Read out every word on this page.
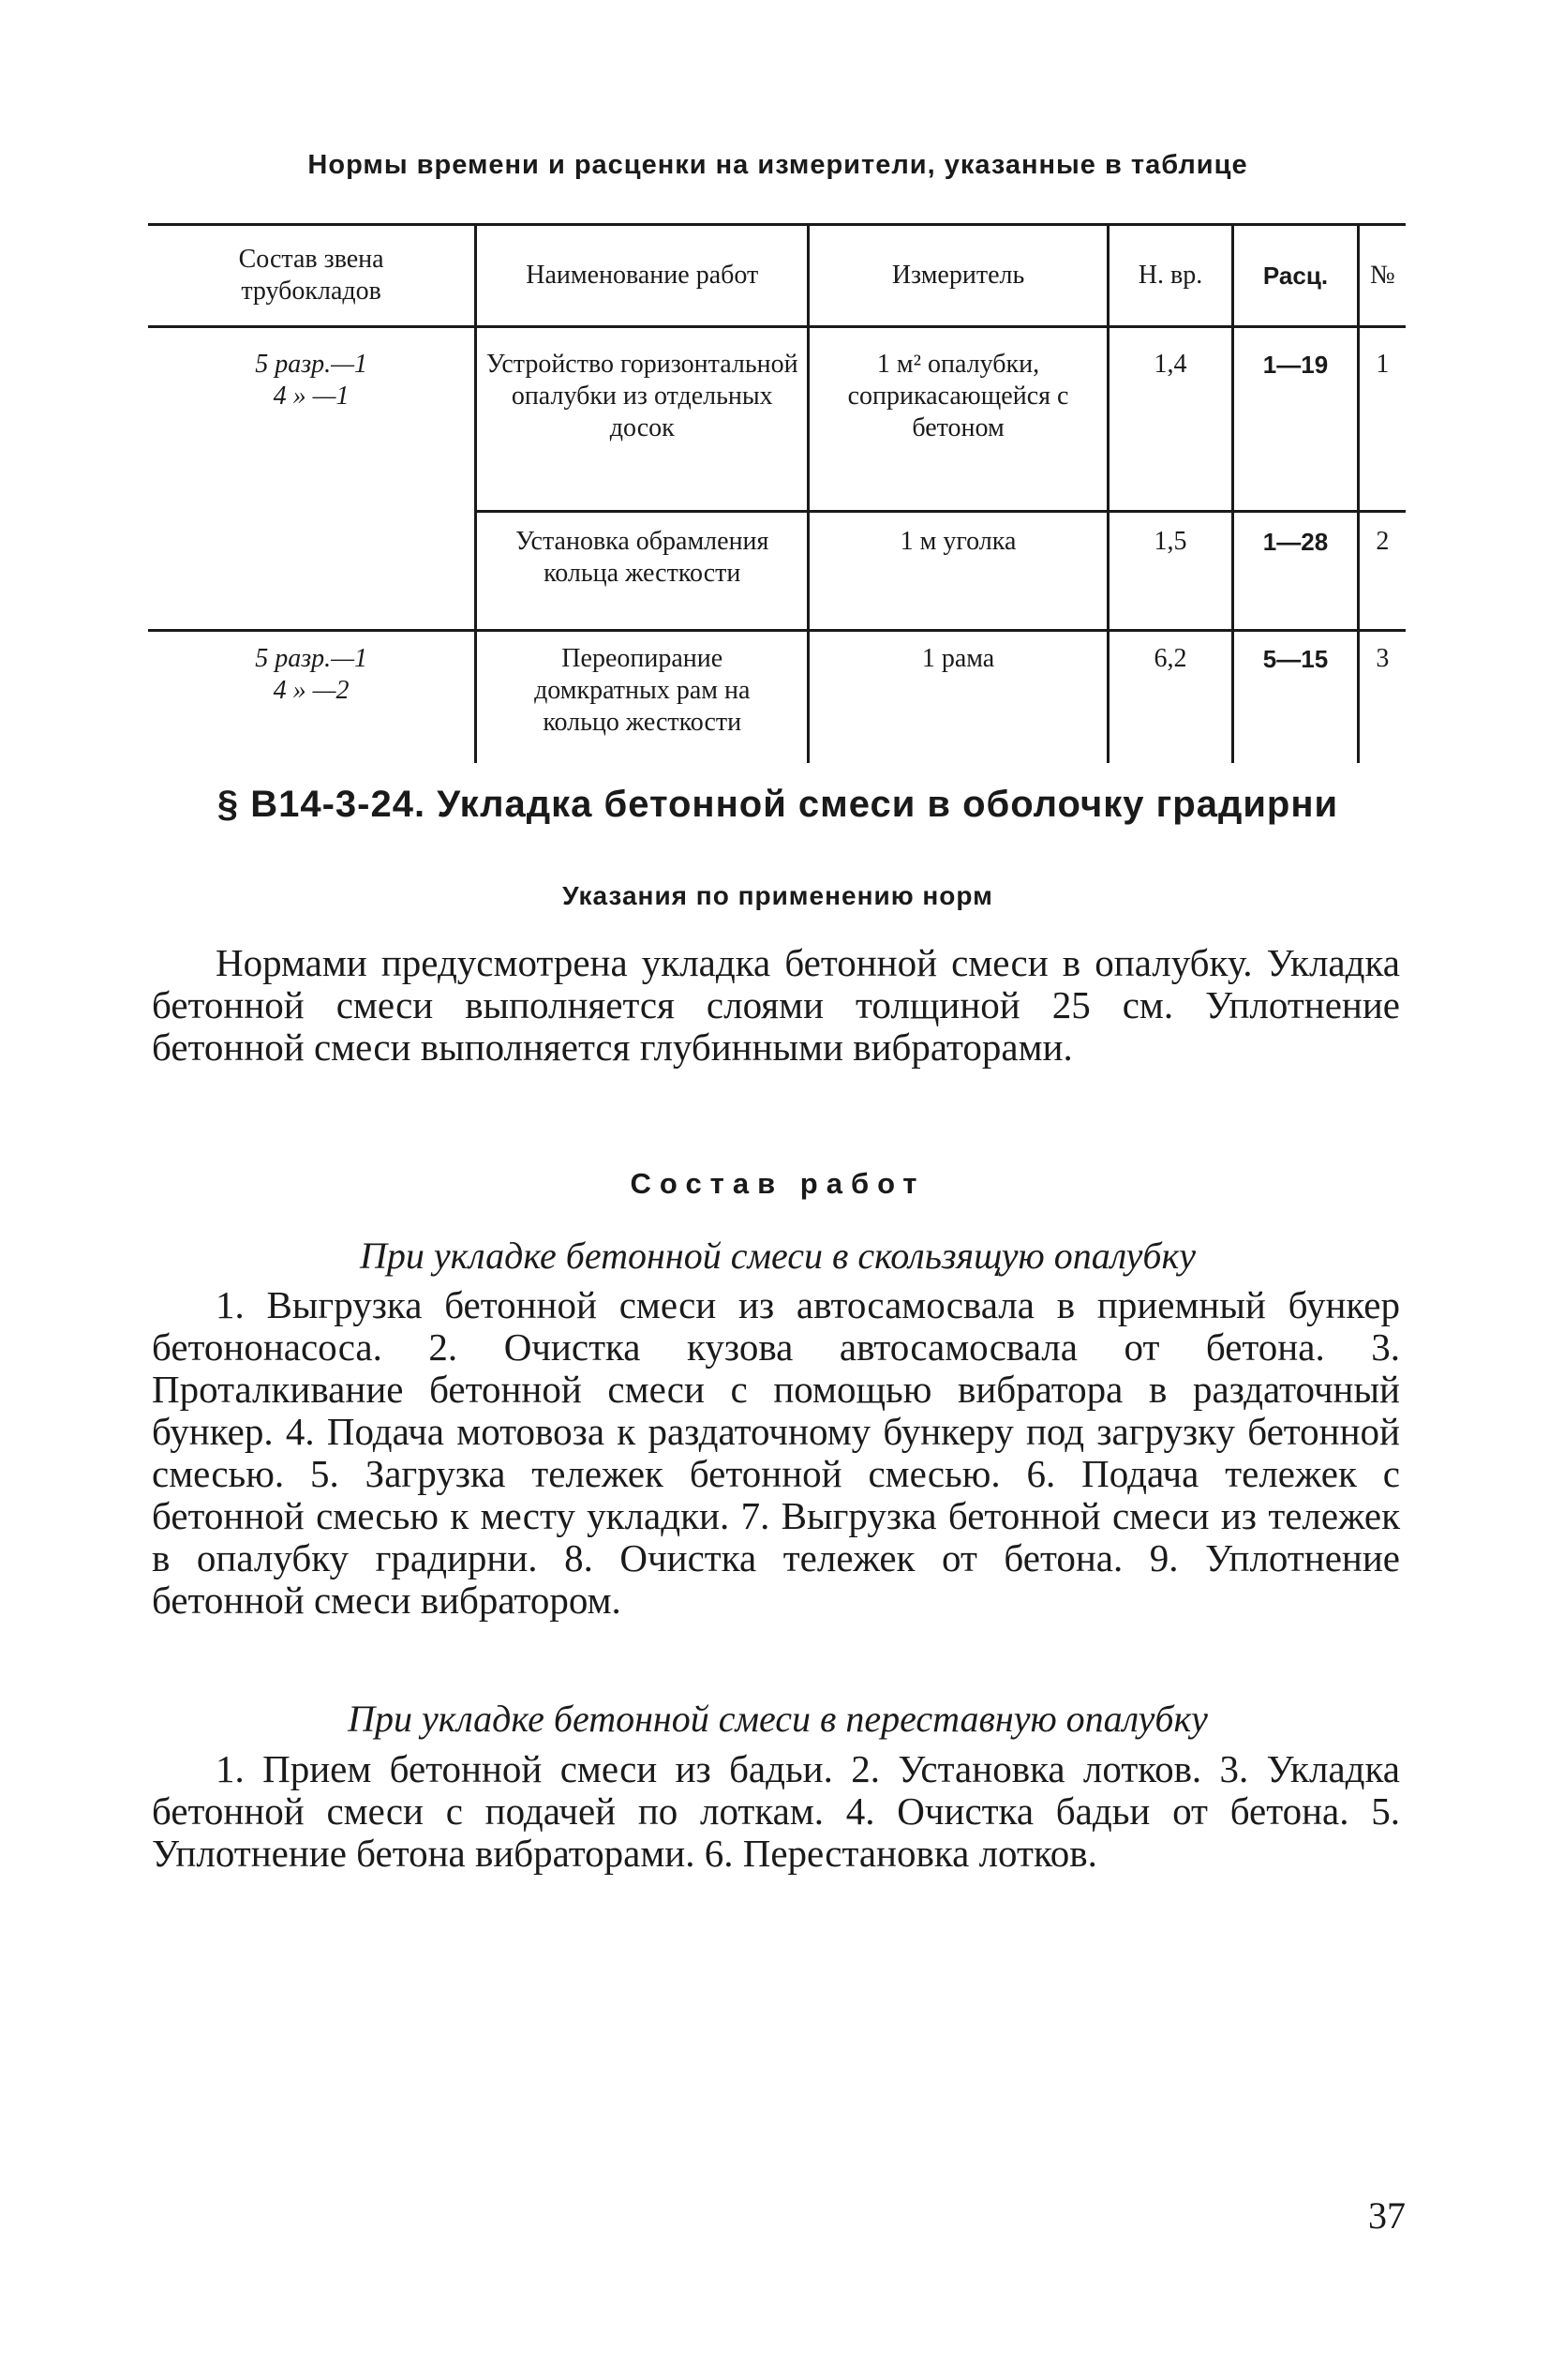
Нормы времени и расценки на измерители, указанные в таблице
Состав звена трубокладов	Наименование работ	Измеритель	Н. вр.	Расц.	№

5 разр.—1
4 » —1	Устройство горизонтальной опалубки из отдельных досок	1 м² опалубки, соприкасающейся с бетоном	1,4	1—19	1
	Установка обрамления кольца жесткости	1 м уголка	1,5	1—28	2

5 разр.—1
4 » —2	Переопирание домкратных рам на кольцо жесткости	1 рама	6,2	5—15	3
§ В14-3-24. Укладка бетонной смеси в оболочку градирни
Указания по применению норм

Нормами предусмотрена укладка бетонной смеси в опалубку. Укладка бетонной смеси выполняется слоями толщиной 25 см. Уплотнение бетонной смеси выполняется глубинными вибраторами.

Состав работ
При укладке бетонной смеси в скользящую опалубку

1. Выгрузка бетонной смеси из автосамосвала в приемный бункер бетононасоса. 2. Очистка кузова автосамосвала от бетона. 3. Проталкивание бетонной смеси с помощью вибратора в раздаточный бункер. 4. Подача мотовоза к раздаточному бункеру под загрузку бетонной смесью. 5. Загрузка тележек бетонной смесью. 6. Подача тележек с бетонной смесью к месту укладки. 7. Выгрузка бетонной смеси из тележек в опалубку градирни. 8. Очистка тележек от бетона. 9. Уплотнение бетонной смеси вибратором.

При укладке бетонной смеси в переставную опалубку

1. Прием бетонной смеси из бадьи. 2. Установка лотков. 3. Укладка бетонной смеси с подачей по лоткам. 4. Очистка бадьи от бетона. 5. Уплотнение бетона вибраторами. 6. Перестановка лотков.

37
